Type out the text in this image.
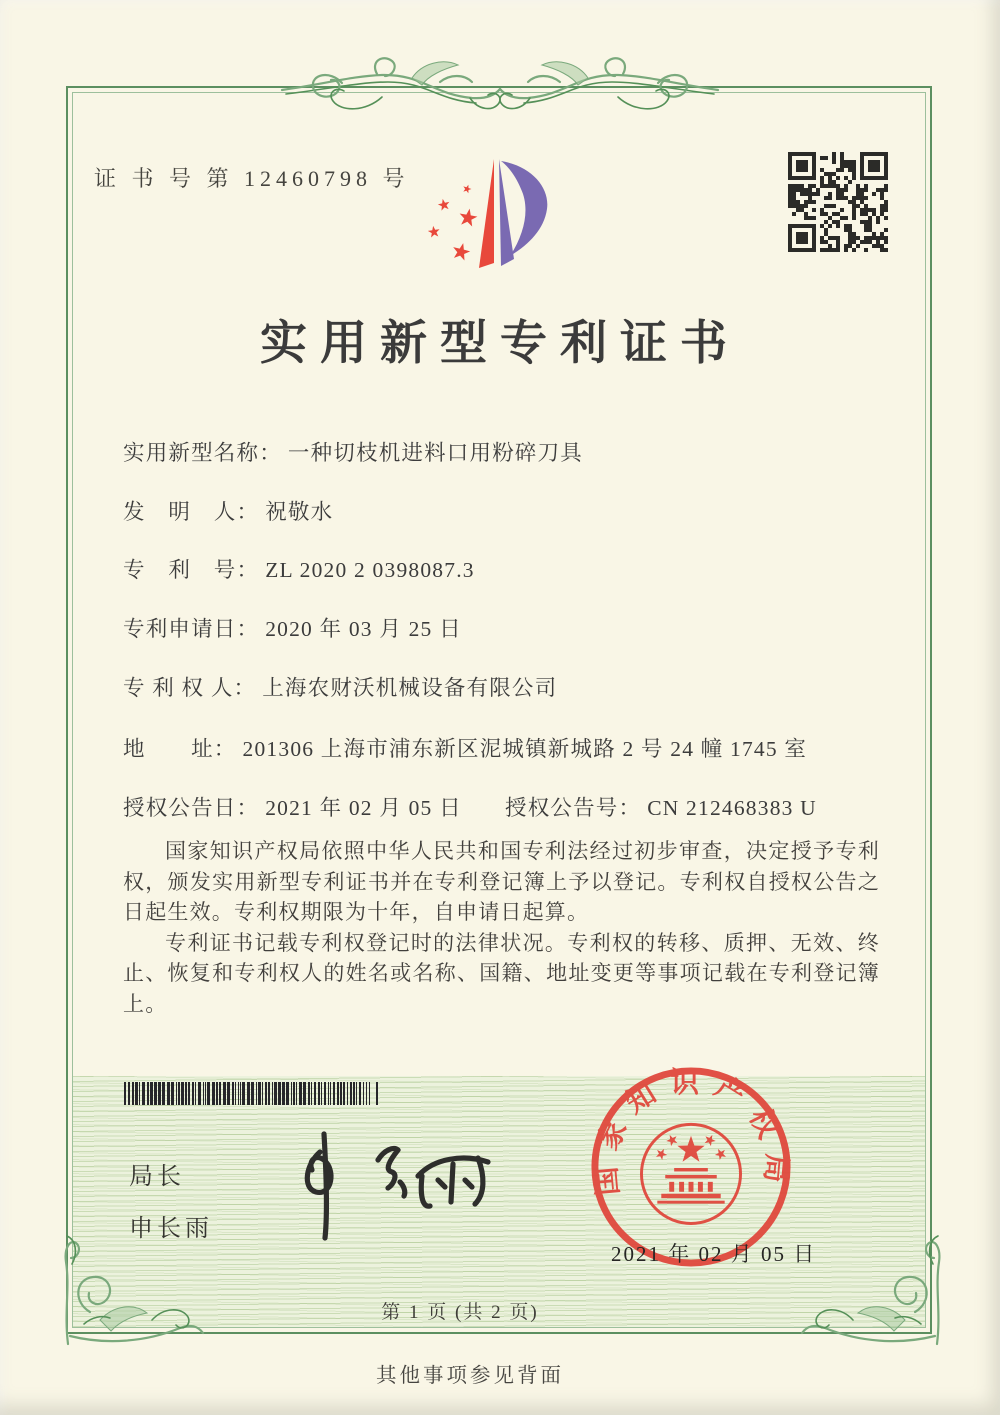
证 书 号 第 12460798 号
实用新型专利证书
实用新型名称： 一种切枝机进料口用粉碎刀具
发　明　人： 祝敬水
专　利　号： ZL 2020 2 0398087.3
专利申请日： 2020 年 03 月 25 日
专 利 权 人： 上海农财沃机械设备有限公司
地　　址： 201306 上海市浦东新区泥城镇新城路 2 号 24 幢 1745 室
授权公告日： 2021 年 02 月 05 日 授权公告号： CN 212468383 U

国家知识产权局依照中华人民共和国专利法经过初步审查，决定授予专利权，颁发实用新型专利证书并在专利登记簿上予以登记。专利权自授权公告之日起生效。专利权期限为十年，自申请日起算。

专利证书记载专利权登记时的法律状况。专利权的转移、质押、无效、终止、恢复和专利权人的姓名或名称、国籍、地址变更等事项记载在专利登记簿上。

局长
申长雨
国家知识产权局
2021 年 02 月 05 日
第 1 页 (共 2 页)
其他事项参见背面
